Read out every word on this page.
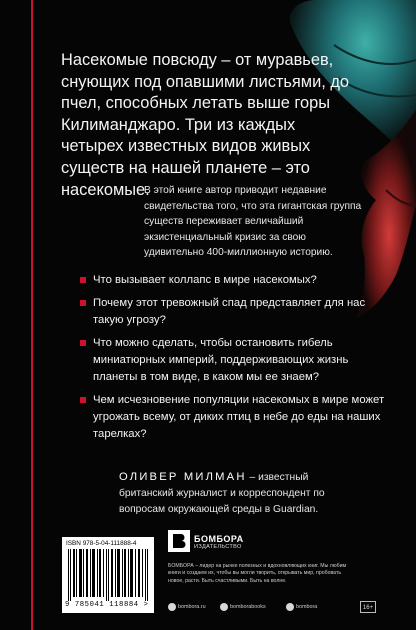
Насекомые повсюду – от муравьев, снующих под опавшими листьями, до пчел, способных летать выше горы Килиманджаро. Три из каждых четырех известных видов живых существ на нашей планете – это насекомые.

В этой книге автор приводит недавние свидетельства того, что эта гигантская группа существ переживает величайший экзистенциальный кризис за свою удивительно 400-миллионную историю.

Что вызывает коллапс в мире насекомых?
Почему этот тревожный спад представляет для нас такую угрозу?
Что можно сделать, чтобы остановить гибель миниатюрных империй, поддерживающих жизнь планеты в том виде, в каком мы ее знаем?
Чем исчезновение популяции насекомых в мире может угрожать всему, от диких птиц в небе до еды на наших тарелках?

ОЛИВЕР МИЛМАН – известный британский журналист и корреспондент по вопросам окружающей среды в Guardian.

ISBN 978-5-04-111888-4
9 785041 118884 >
БОМБОРА
ИЗДАТЕЛЬСТВО

БОМБОРА – лидер на рынке полезных и вдохновляющих книг. Мы любим книги и создаем их, чтобы вы могли творить, открывать мир, пробовать новое, расти. Быть счастливыми. Быть на волне.

bombora.ru	bomborabooks	bombora	16+
